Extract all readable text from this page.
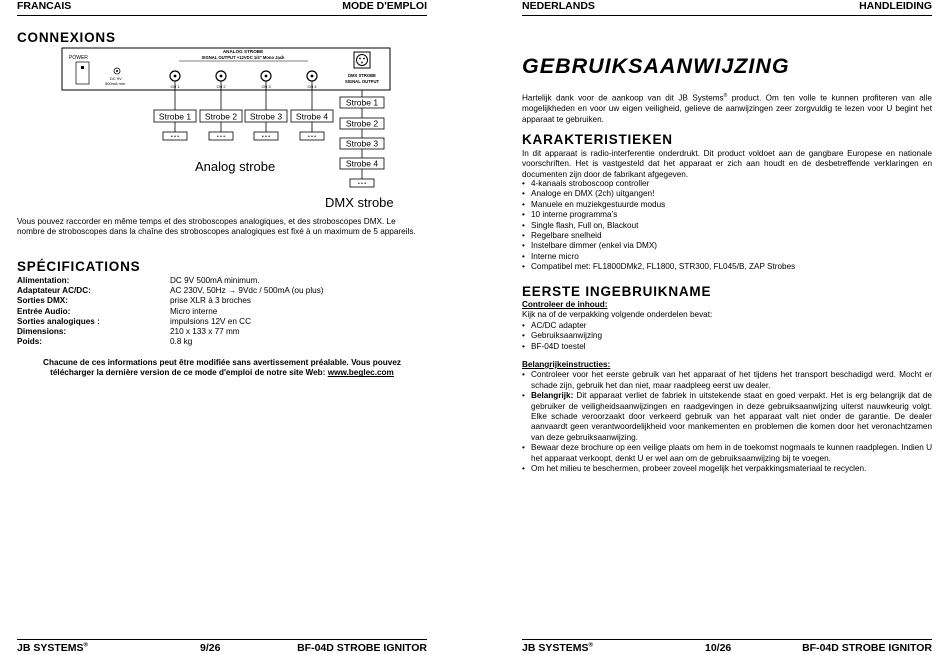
FRANCAIS	MODE D'EMPLOI
CONNEXIONS
POWER
DC 9V
500mA min.
ANALOG STROBE
SIGNAL OUTPUT +12VDC 1/4" Mono Jack
CH 1	CH 2	CH 3	CH 4
DMX STROBE
SIGNAL OUTPUT
Strobe 1
• • •
Strobe 2
• • •
Strobe 3
• • •
Strobe 4
• • •
Analog strobe
Strobe 1
Strobe 2
Strobe 3
Strobe 4
• • •
DMX strobe
Vous pouvez raccorder en même temps et des stroboscopes analogiques, et des stroboscopes DMX. Le nombre de stroboscopes dans la chaîne des stroboscopes analogiques est fixé à un maximum de 5 appareils.
SPÉCIFICATIONS
Alimentation:	DC 9V 500mA minimum.
Adaptateur AC/DC:	AC 230V, 50Hz → 9Vdc / 500mA (ou plus)
Sorties DMX:	prise XLR à 3 broches
Entrée Audio:	Micro interne
Sorties analogiques :	impulsions 12V en CC
Dimensions:	210 x 133 x 77 mm
Poids:	0.8 kg
Chacune de ces informations peut être modifiée sans avertissement préalable. Vous pouvez télécharger la dernière version de ce mode d'emploi de notre site Web: www.beglec.com
JB SYSTEMS®	9/26	BF-04D STROBE IGNITOR
NEDERLANDS	HANDLEIDING
GEBRUIKSAANWIJZING
Hartelijk dank voor de aankoop van dit JB Systems® product. Om ten volle te kunnen profiteren van alle mogelijkheden en voor uw eigen veiligheid, gelieve de aanwijzingen zeer zorgvuldig te lezen voor U begint het apparaat te gebruiken.
KARAKTERISTIEKEN
In dit apparaat is radio-interferentie onderdrukt. Dit product voldoet aan de gangbare Europese en nationale voorschriften. Het is vastgesteld dat het apparaat er zich aan houdt en de desbetreffende verklaringen en documenten zijn door de fabrikant afgegeven.
• 4-kanaals stroboscoop controller
• Analoge en DMX (2ch) uitgangen!
• Manuele en muziekgestuurde modus
• 10 interne programma’s
• Single flash, Full on, Blackout
• Regelbare snelheid
• Instelbare dimmer (enkel via DMX)
• Interne micro
• Compatibel met: FL1800DMk2, FL1800, STR300, FL045/B, ZAP Strobes
EERSTE INGEBRUIKNAME
Controleer de inhoud:
Kijk na of de verpakking volgende onderdelen bevat:
• AC/DC adapter
• Gebruiksaanwijzing
• BF-04D toestel
Belangrijkeinstructies:
• Controleer voor het eerste gebruik van het apparaat of het tijdens het transport beschadigd werd. Mocht er schade zijn, gebruik het dan niet, maar raadpleeg eerst uw dealer.
• Belangrijk: Dit apparaat verliet de fabriek in uitstekende staat en goed verpakt. Het is erg belangrijk dat de gebruiker de veiligheidsaanwijzingen en raadgevingen in deze gebruiksaanwijzing uiterst nauwkeurig volgt. Elke schade veroorzaakt door verkeerd gebruik van het apparaat valt niet onder de garantie. De dealer aanvaardt geen verantwoordelijkheid voor mankementen en problemen die komen door het veronachtzamen van deze gebruiksaanwijzing.
• Bewaar deze brochure op een veilige plaats om hem in de toekomst nogmaals te kunnen raadplegen. Indien U het apparaat verkoopt, denkt U er wel aan om de gebruiksaanwijzing bij te voegen.
• Om het milieu te beschermen, probeer zoveel mogelijk het verpakkingsmateriaal te recyclen.
JB SYSTEMS®	10/26	BF-04D STROBE IGNITOR
